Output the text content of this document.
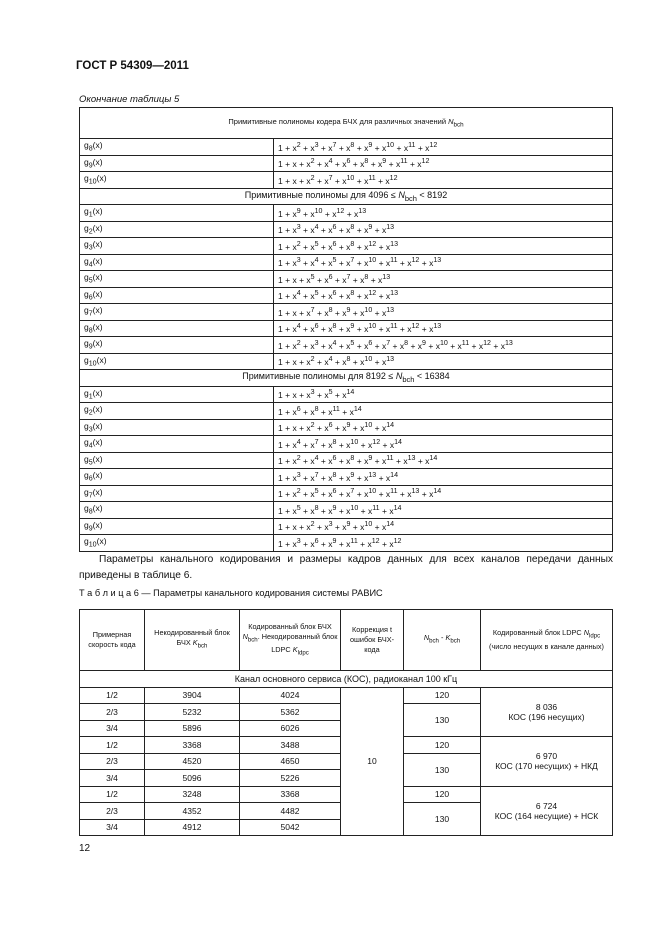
ГОСТ Р 54309—2011
Окончание таблицы 5
Примитивные полиномы кодера БЧХ для различных значений $N_{bch}$
$g_8(x)$	$1 + x^2 + x^3 + x^7 + x^8 + x^9 + x^{10} + x^{11} + x^{12}$
$g_9(x)$	$1 + x + x^2 + x^4 + x^6 + x^8 + x^9 + x^{11} + x^{12}$
$g_{10}(x)$	$1 + x + x^2 + x^7 + x^{10} + x^{11} + x^{12}$
Примитивные полиномы для $4096 \le N_{bch} < 8192$	
$g_1(x)$	$1 + x^9 + x^{10} + x^{12} + x^{13}$
$g_2(x)$	$1 + x^3 + x^4 + x^6 + x^8 + x^9 + x^{13}$
$g_3(x)$	$1 + x^2 + x^5 + x^6 + x^8 + x^{12} + x^{13}$
$g_4(x)$	$1 + x^3 + x^4 + x^5 + x^7 + x^{10} + x^{11} + x^{12} + x^{13}$
$g_5(x)$	$1 + x + x^5 + x^6 + x^7 + x^8 + x^{13}$
$g_6(x)$	$1 + x^4 + x^5 + x^6 + x^8 + x^{12} + x^{13}$
$g_7(x)$	$1 + x + x^7 + x^8 + x^9 + x^{10} + x^{13}$
$g_8(x)$	$1 + x^4 + x^6 + x^8 + x^9 + x^{10} + x^{11} + x^{12} + x^{13}$
$g_9(x)$	$1 + x^2 + x^3 + x^4 + x^5 + x^6 + x^7 + x^8 + x^9 + x^{10} + x^{11} + x^{12} + x^{13}$
$g_{10}(x)$	$1 + x + x^2 + x^4 + x^8 + x^{10} + x^{13}$
Примитивные полиномы для $8192 \le N_{bch} < 16384$	
$g_1(x)$	$1 + x + x^3 + x^5 + x^{14}$
$g_2(x)$	$1 + x^6 + x^8 + x^{11} + x^{14}$
$g_3(x)$	$1 + x + x^2 + x^6 + x^9 + x^{10} + x^{14}$
$g_4(x)$	$1 + x^4 + x^7 + x^8 + x^{10} + x^{12} + x^{14}$
$g_5(x)$	$1 + x^2 + x^4 + x^6 + x^8 + x^9 + x^{11} + x^{13} + x^{14}$
$g_6(x)$	$1 + x^3 + x^7 + x^8 + x^9 + x^{13} + x^{14}$
$g_7(x)$	$1 + x^2 + x^5 + x^6 + x^7 + x^{10} + x^{11} + x^{13} + x^{14}$
$g_8(x)$	$1 + x^5 + x^8 + x^9 + x^{10} + x^{11} + x^{14}$
$g_9(x)$	$1 + x + x^2 + x^3 + x^9 + x^{10} + x^{14}$
$g_{10}(x)$	$1 + x^3 + x^6 + x^9 + x^{11} + x^{12} + x^{12}$
Параметры канального кодирования и размеры кадров данных для всех каналов передачи данных приведены в таблице 6.
Т а б л и ц а 6 — Параметры канального кодирования системы РАВИС
Примерная скорость кода	Некодированный блок БЧХ $K_{bch}$	Кодированный блок БЧХ $N_{bch}$. Некодированный блок LDPC $K_{ldpc}$	Коррекция t ошибок БЧХ-кода	$N_{bch} - K_{bch}$	Кодированный блок LDPC $N_{ldpc}$ (число несущих в канале данных)
Канал основного сервиса (КОС), радиоканал 100 кГц					
1/2	3904	4024	10	120	8 036
КОС (196 несущих)

2/3	5232	5362		130	
3/4	5896	6026			
1/2	3368	3488		120	6 970
КОС (170 несущих) + НКД

2/3	4520	4650		130	
3/4	5096	5226			
1/2	3248	3368		120	6 724
КОС (164 несущие) + НСК

2/3	4352	4482		130	
3/4	4912	5042			
12
